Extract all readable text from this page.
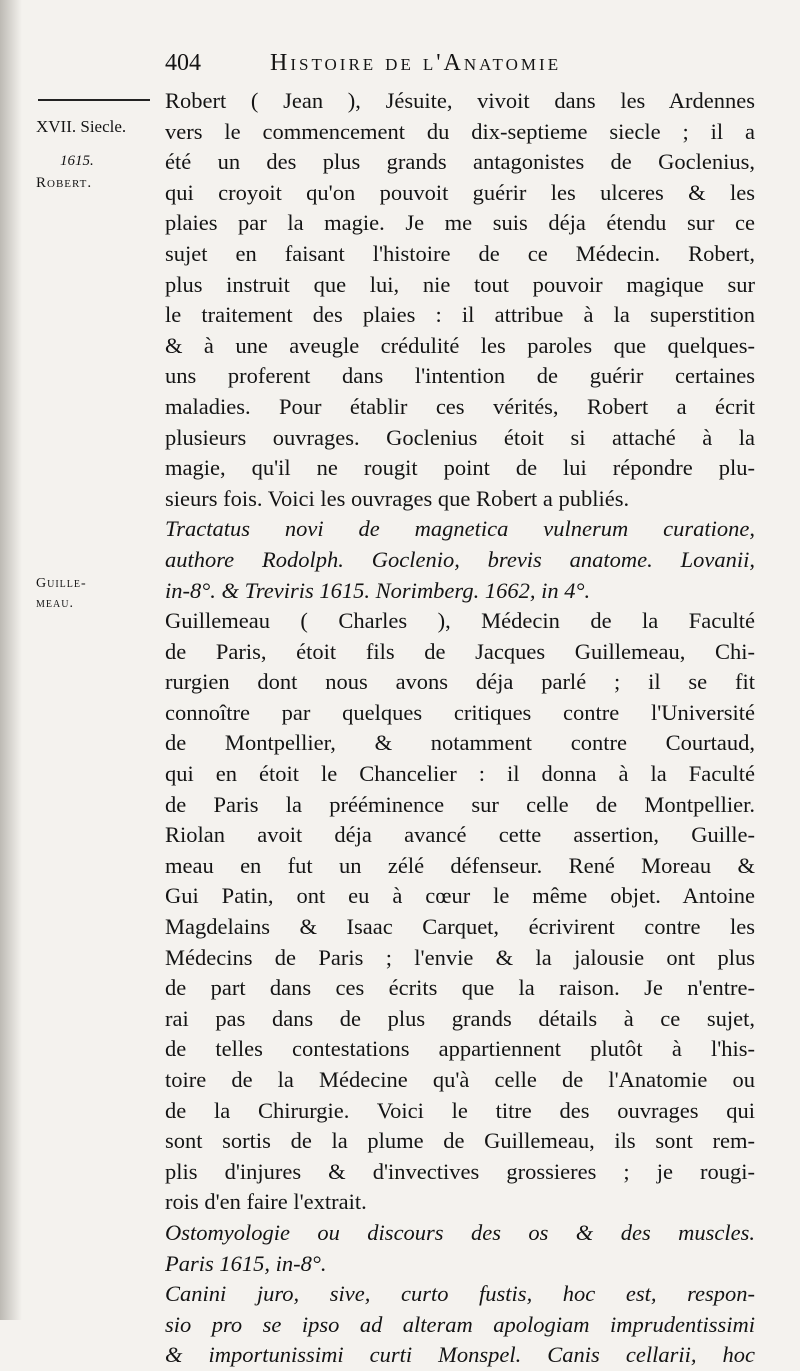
404	Histoire de l'Anatomie
XVII. Siecle.
1615.
Robert.
Guille-
meau.
Robert ( Jean ), Jésuite, vivoit dans les Ardennes
vers le commencement du dix-septieme siecle ; il a
été un des plus grands antagonistes de Goclenius,
qui croyoit qu'on pouvoit guérir les ulceres & les
plaies par la magie. Je me suis déja étendu sur ce
sujet en faisant l'histoire de ce Médecin. Robert,
plus instruit que lui, nie tout pouvoir magique sur
le traitement des plaies : il attribue à la superstition
& à une aveugle crédulité les paroles que quelques-
uns proferent dans l'intention de guérir certaines
maladies. Pour établir ces vérités, Robert a écrit
plusieurs ouvrages. Goclenius étoit si attaché à la
magie, qu'il ne rougit point de lui répondre plu-
sieurs fois. Voici les ouvrages que Robert a publiés.
Tractatus novi de magnetica vulnerum curatione,
authore Rodolph. Goclenio, brevis anatome. Lovanii,
in-8°. & Treviris 1615. Norimberg. 1662, in 4°.
Guillemeau ( Charles ), Médecin de la Faculté
de Paris, étoit fils de Jacques Guillemeau, Chi-
rurgien dont nous avons déja parlé ; il se fit
connoître par quelques critiques contre l'Université
de Montpellier, & notamment contre Courtaud,
qui en étoit le Chancelier : il donna à la Faculté
de Paris la prééminence sur celle de Montpellier.
Riolan avoit déja avancé cette assertion, Guille-
meau en fut un zélé défenseur. René Moreau &
Gui Patin, ont eu à cœur le même objet. Antoine
Magdelains & Isaac Carquet, écrivirent contre les
Médecins de Paris ; l'envie & la jalousie ont plus
de part dans ces écrits que la raison. Je n'entre-
rai pas dans de plus grands détails à ce sujet,
de telles contestations appartiennent plutôt à l'his-
toire de la Médecine qu'à celle de l'Anatomie ou
de la Chirurgie. Voici le titre des ouvrages qui
sont sortis de la plume de Guillemeau, ils sont rem-
plis d'injures & d'invectives grossieres ; je rougi-
rois d'en faire l'extrait.
Ostomyologie ou discours des os & des muscles.
Paris 1615, in-8°.
Canini juro, sive, curto fustis, hoc est, respon-
sio pro se ipso ad alteram apologiam imprudentissimi
& importunissimi curti Monspel. Canis cellarii, hoc
